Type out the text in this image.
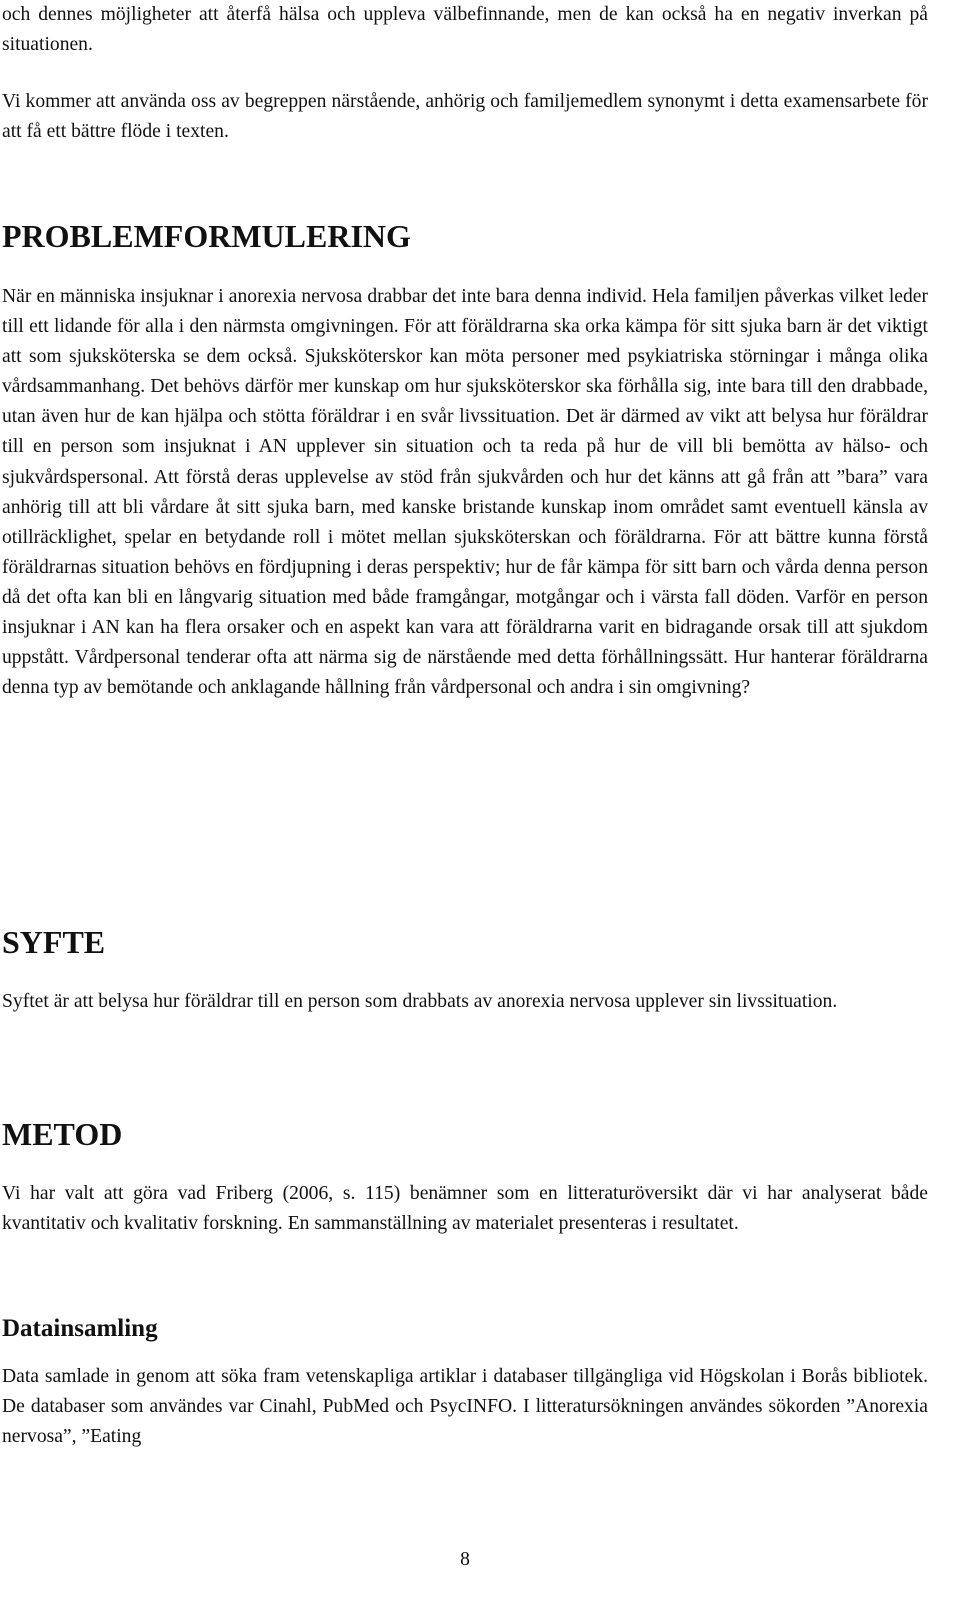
och dennes möjligheter att återfå hälsa och uppleva välbefinnande, men de kan också ha en negativ inverkan på situationen.

Vi kommer att använda oss av begreppen närstående, anhörig och familjemedlem synonymt i detta examensarbete för att få ett bättre flöde i texten.

PROBLEMFORMULERING

När en människa insjuknar i anorexia nervosa drabbar det inte bara denna individ. Hela familjen påverkas vilket leder till ett lidande för alla i den närmsta omgivningen. För att föräldrarna ska orka kämpa för sitt sjuka barn är det viktigt att som sjuksköterska se dem också. Sjuksköterskor kan möta personer med psykiatriska störningar i många olika vårdsammanhang. Det behövs därför mer kunskap om hur sjuksköterskor ska förhålla sig, inte bara till den drabbade, utan även hur de kan hjälpa och stötta föräldrar i en svår livssituation. Det är därmed av vikt att belysa hur föräldrar till en person som insjuknat i AN upplever sin situation och ta reda på hur de vill bli bemötta av hälso- och sjukvårdspersonal. Att förstå deras upplevelse av stöd från sjukvården och hur det känns att gå från att ”bara” vara anhörig till att bli vårdare åt sitt sjuka barn, med kanske bristande kunskap inom området samt eventuell känsla av otillräcklighet, spelar en betydande roll i mötet mellan sjuksköterskan och föräldrarna. För att bättre kunna förstå föräldrarnas situation behövs en fördjupning i deras perspektiv; hur de får kämpa för sitt barn och vårda denna person då det ofta kan bli en långvarig situation med både framgångar, motgångar och i värsta fall döden. Varför en person insjuknar i AN kan ha flera orsaker och en aspekt kan vara att föräldrarna varit en bidragande orsak till att sjukdom uppstått. Vårdpersonal tenderar ofta att närma sig de närstående med detta förhållningssätt. Hur hanterar föräldrarna denna typ av bemötande och anklagande hållning från vårdpersonal och andra i sin omgivning?

SYFTE

Syftet är att belysa hur föräldrar till en person som drabbats av anorexia nervosa upplever sin livssituation.

METOD

Vi har valt att göra vad Friberg (2006, s. 115) benämner som en litteraturöversikt där vi har analyserat både kvantitativ och kvalitativ forskning. En sammanställning av materialet presenteras i resultatet.

Datainsamling

Data samlade in genom att söka fram vetenskapliga artiklar i databaser tillgängliga vid Högskolan i Borås bibliotek. De databaser som användes var Cinahl, PubMed och PsycINFO. I litteratursökningen användes sökorden ”Anorexia nervosa”, ”Eating

8
